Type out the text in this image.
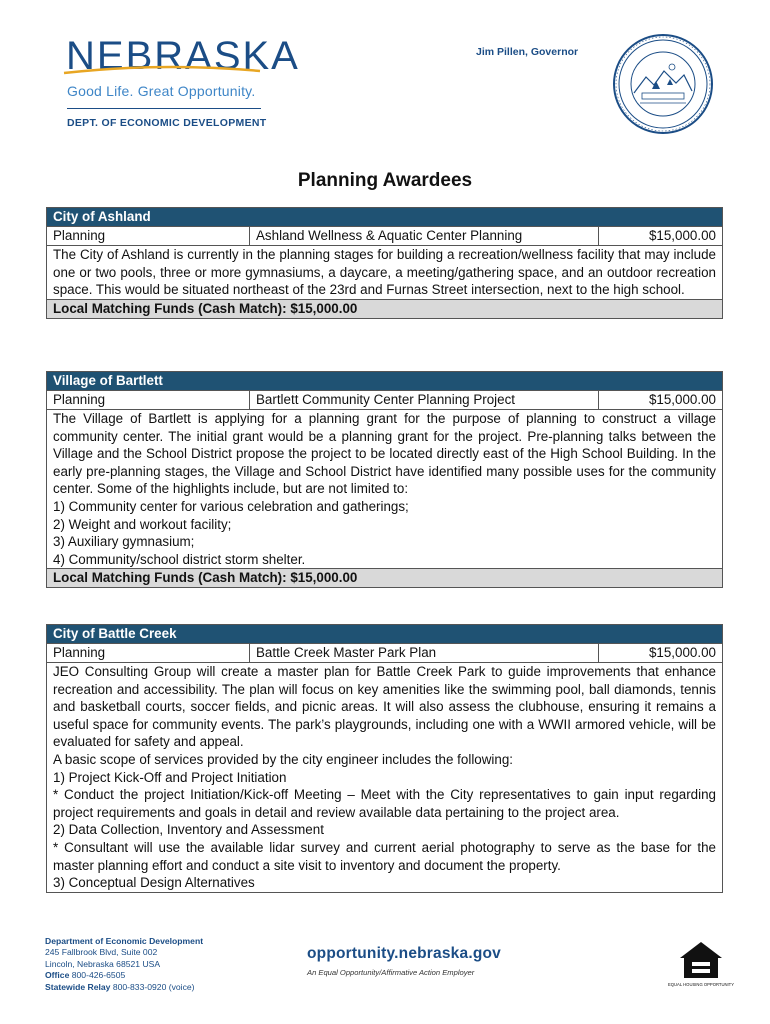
NEBRASKA
Good Life. Great Opportunity.
DEPT. OF ECONOMIC DEVELOPMENT
Jim Pillen, Governor
Planning Awardees
City of Ashland
Planning	Ashland Wellness & Aquatic Center Planning	$15,000.00

The City of Ashland is currently in the planning stages for building a recreation/wellness facility that may include one or two pools, three or more gymnasiums, a daycare, a meeting/gathering space, and an outdoor recreation space. This would be situated northeast of the 23rd and Furnas Street intersection, next to the high school.

Local Matching Funds (Cash Match): $15,000.00
Village of Bartlett
Planning	Bartlett Community Center Planning Project	$15,000.00

The Village of Bartlett is applying for a planning grant for the purpose of planning to construct a village community center. The initial grant would be a planning grant for the project. Pre-planning talks between the Village and the School District propose the project to be located directly east of the High School Building. In the early pre-planning stages, the Village and School District have identified many possible uses for the community center. Some of the highlights include, but are not limited to:

1) Community center for various celebration and gatherings;

2) Weight and workout facility;

3) Auxiliary gymnasium;

4) Community/school district storm shelter.

Local Matching Funds (Cash Match): $15,000.00
City of Battle Creek
Planning	Battle Creek Master Park Plan	$15,000.00

JEO Consulting Group will create a master plan for Battle Creek Park to guide improvements that enhance recreation and accessibility. The plan will focus on key amenities like the swimming pool, ball diamonds, tennis and basketball courts, soccer fields, and picnic areas. It will also assess the clubhouse, ensuring it remains a useful space for community events. The park’s playgrounds, including one with a WWII armored vehicle, will be evaluated for safety and appeal.

A basic scope of services provided by the city engineer includes the following:

1) Project Kick-Off and Project Initiation

* Conduct the project Initiation/Kick-off Meeting – Meet with the City representatives to gain input regarding project requirements and goals in detail and review available data pertaining to the project area.

2) Data Collection, Inventory and Assessment

* Consultant will use the available lidar survey and current aerial photography to serve as the base for the master planning effort and conduct a site visit to inventory and document the property.

3) Conceptual Design Alternatives

Department of Economic Development
245 Fallbrook Blvd, Suite 002
Lincoln, Nebraska 68521 USA
Office 800-426-6505
Statewide Relay 800-833-0920 (voice)
opportunity.nebraska.gov
An Equal Opportunity/Affirmative Action Employer
EQUAL HOUSING OPPORTUNITY
